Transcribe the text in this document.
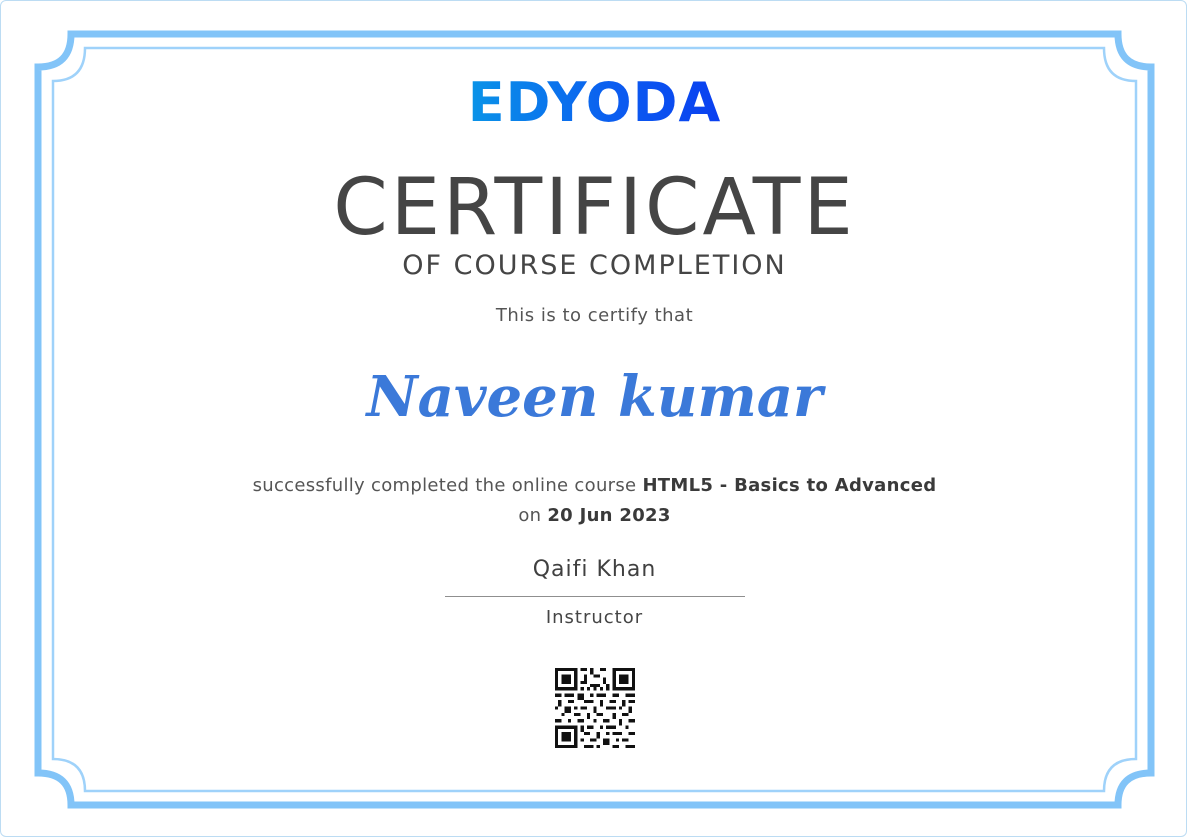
EDYODA
CERTIFICATE
OF COURSE COMPLETION
This is to certify that
Naveen kumar
successfully completed the online course HTML5 - Basics to Advanced
on 20 Jun 2023
Qaifi Khan
Instructor
